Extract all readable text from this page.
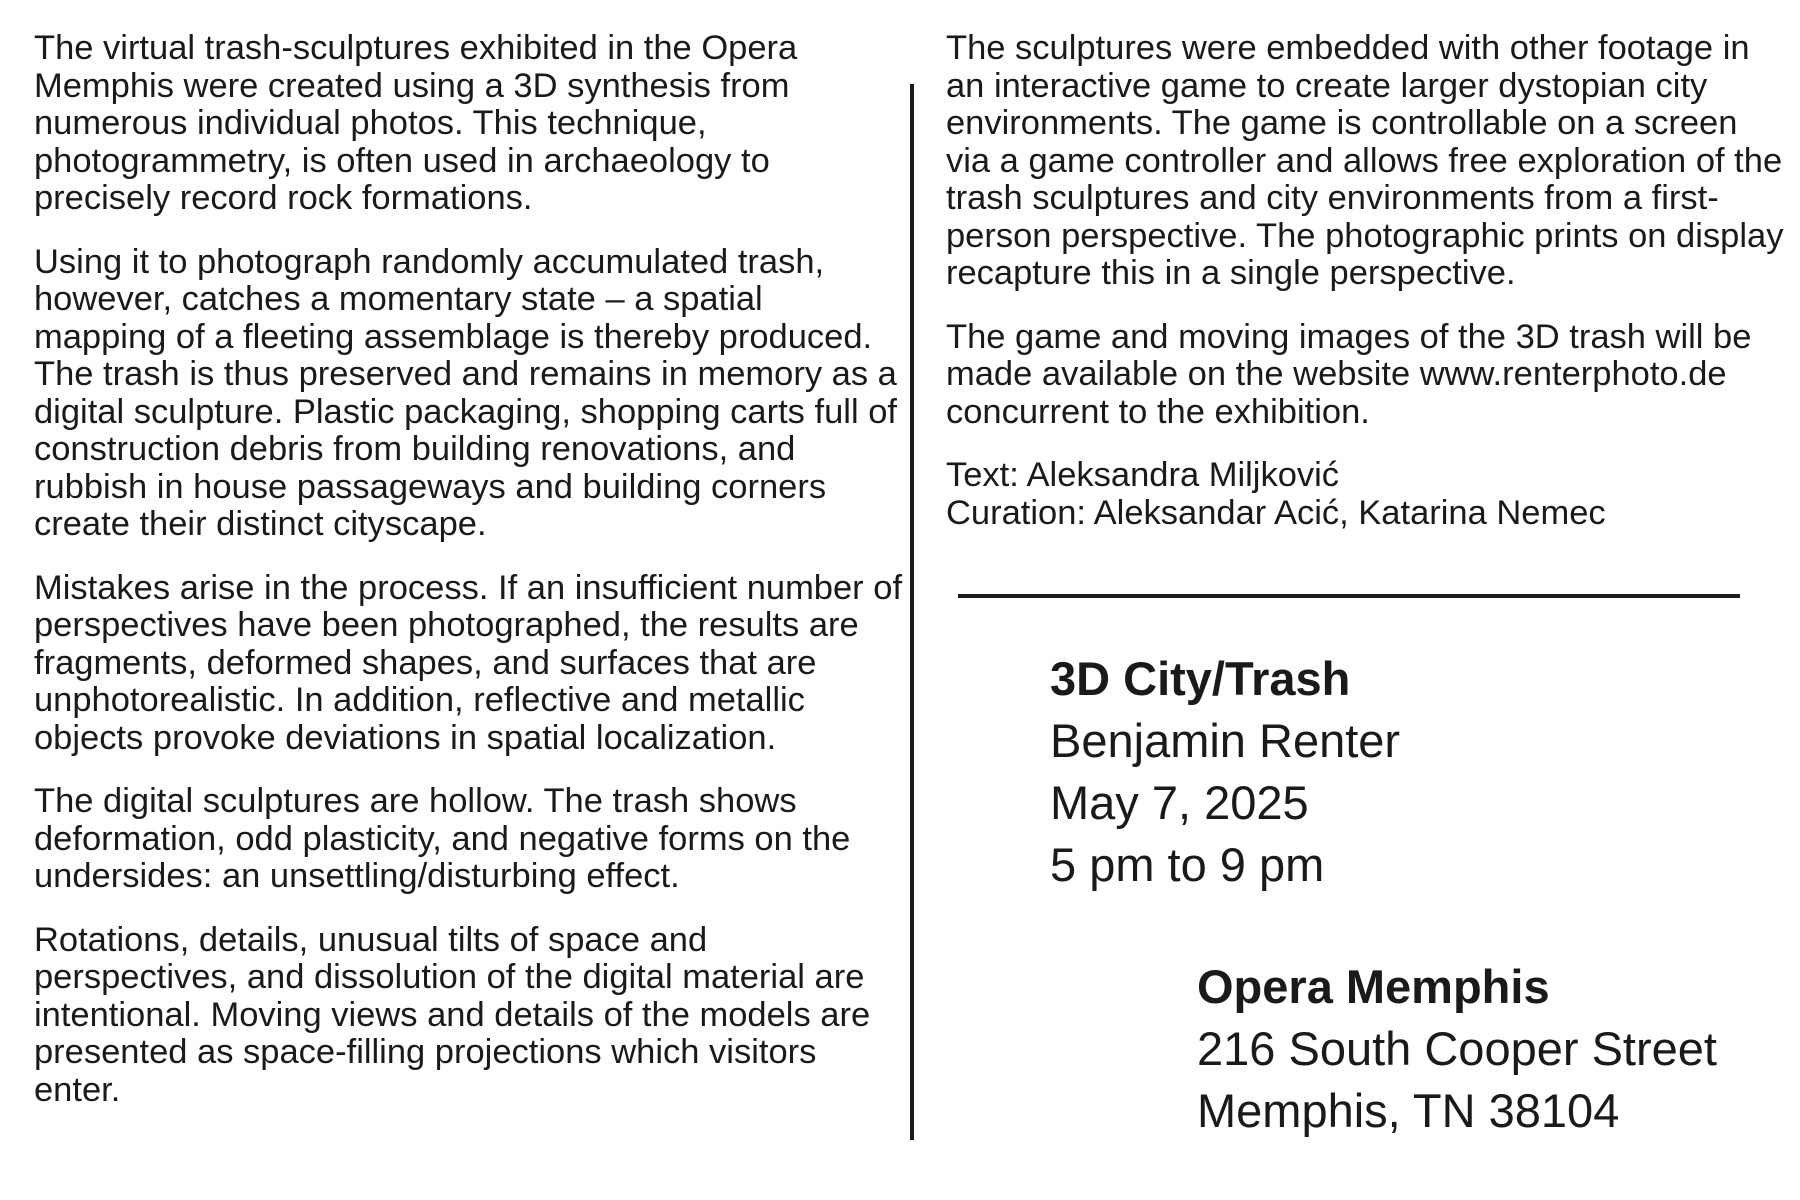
The virtual trash-sculptures exhibited in the Opera Memphis were created using a 3D synthesis from numerous individual photos. This technique, photogrammetry, is often used in archaeology to precisely record rock formations.

Using it to photograph randomly accumulated trash, however, catches a momentary state – a spatial mapping of a fleeting assemblage is thereby produced. The trash is thus preserved and remains in memory as a digital sculpture. Plastic packaging, shopping carts full of construction debris from building renovations, and rubbish in house passageways and building corners create their distinct cityscape.

Mistakes arise in the process. If an insufficient number of perspectives have been photographed, the results are fragments, deformed shapes, and surfaces that are unphotorealistic. In addition, reflective and metallic objects provoke deviations in spatial localization.

The digital sculptures are hollow. The trash shows deformation, odd plasticity, and negative forms on the undersides: an unsettling/disturbing effect.

Rotations, details, unusual tilts of space and perspectives, and dissolution of the digital material are intentional. Moving views and details of the models are presented as space-filling projections which visitors enter.

The sculptures were embedded with other footage in an interactive game to create larger dystopian city environments. The game is controllable on a screen via a game controller and allows free exploration of the trash sculptures and city environments from a first-person perspective. The photographic prints on display recapture this in a single perspective.

The game and moving images of the 3D trash will be made available on the website www.renterphoto.de concurrent to the exhibition.

Text: Aleksandra Miljković

Curation: Aleksandar Acić, Katarina Nemec

3D City/Trash

Benjamin Renter

May 7, 2025

5 pm to 9 pm

Opera Memphis

216 South Cooper Street

Memphis, TN 38104
